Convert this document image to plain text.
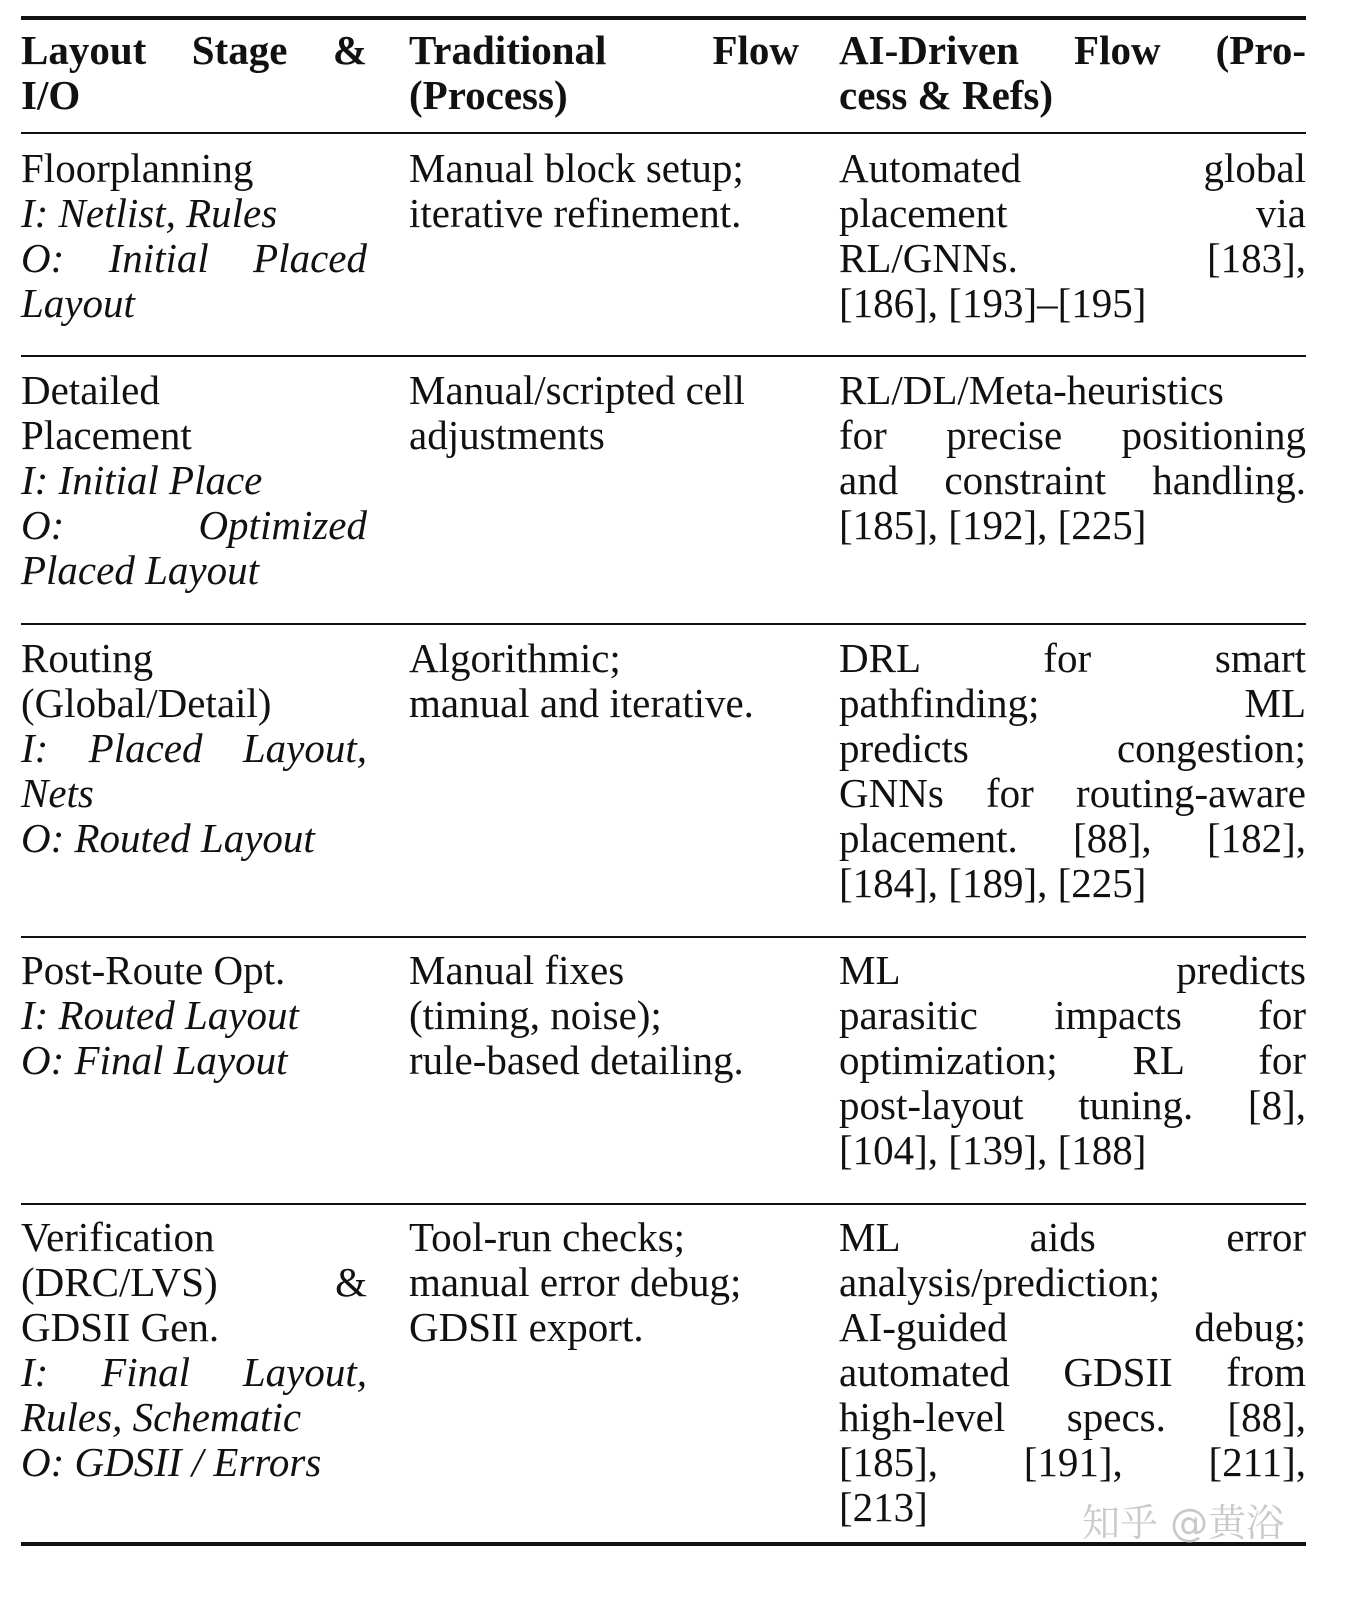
Layout Stage &
I/O
Traditional Flow
(Process)
AI-Driven Flow (Pro-
cess & Refs)
Floorplanning
I: Netlist, Rules
O: Initial Placed
Layout
Manual block setup;
iterative refinement.
Automated global
placement via
RL/GNNs. [183],
[186], [193]–[195]
Detailed
Placement
I: Initial Place
O: Optimized
Placed Layout
Manual/scripted cell
adjustments
RL/DL/Meta-heuristics
for precise positioning
and constraint handling.
[185], [192], [225]
Routing
(Global/Detail)
I: Placed Layout,
Nets
O: Routed Layout
Algorithmic;
manual and iterative.
DRL for smart
pathfinding; ML
predicts congestion;
GNNs for routing-aware
placement. [88], [182],
[184], [189], [225]
Post-Route Opt.
I: Routed Layout
O: Final Layout
Manual fixes
(timing, noise);
rule-based detailing.
ML predicts
parasitic impacts for
optimization; RL for
post-layout tuning. [8],
[104], [139], [188]
Verification
(DRC/LVS) &
GDSII Gen.
I: Final Layout,
Rules, Schematic
O: GDSII / Errors
Tool-run checks;
manual error debug;
GDSII export.
ML aids error
analysis/prediction;
AI-guided debug;
automated GDSII from
high-level specs. [88],
[185], [191], [211],
[213]	知乎 @黄浴
